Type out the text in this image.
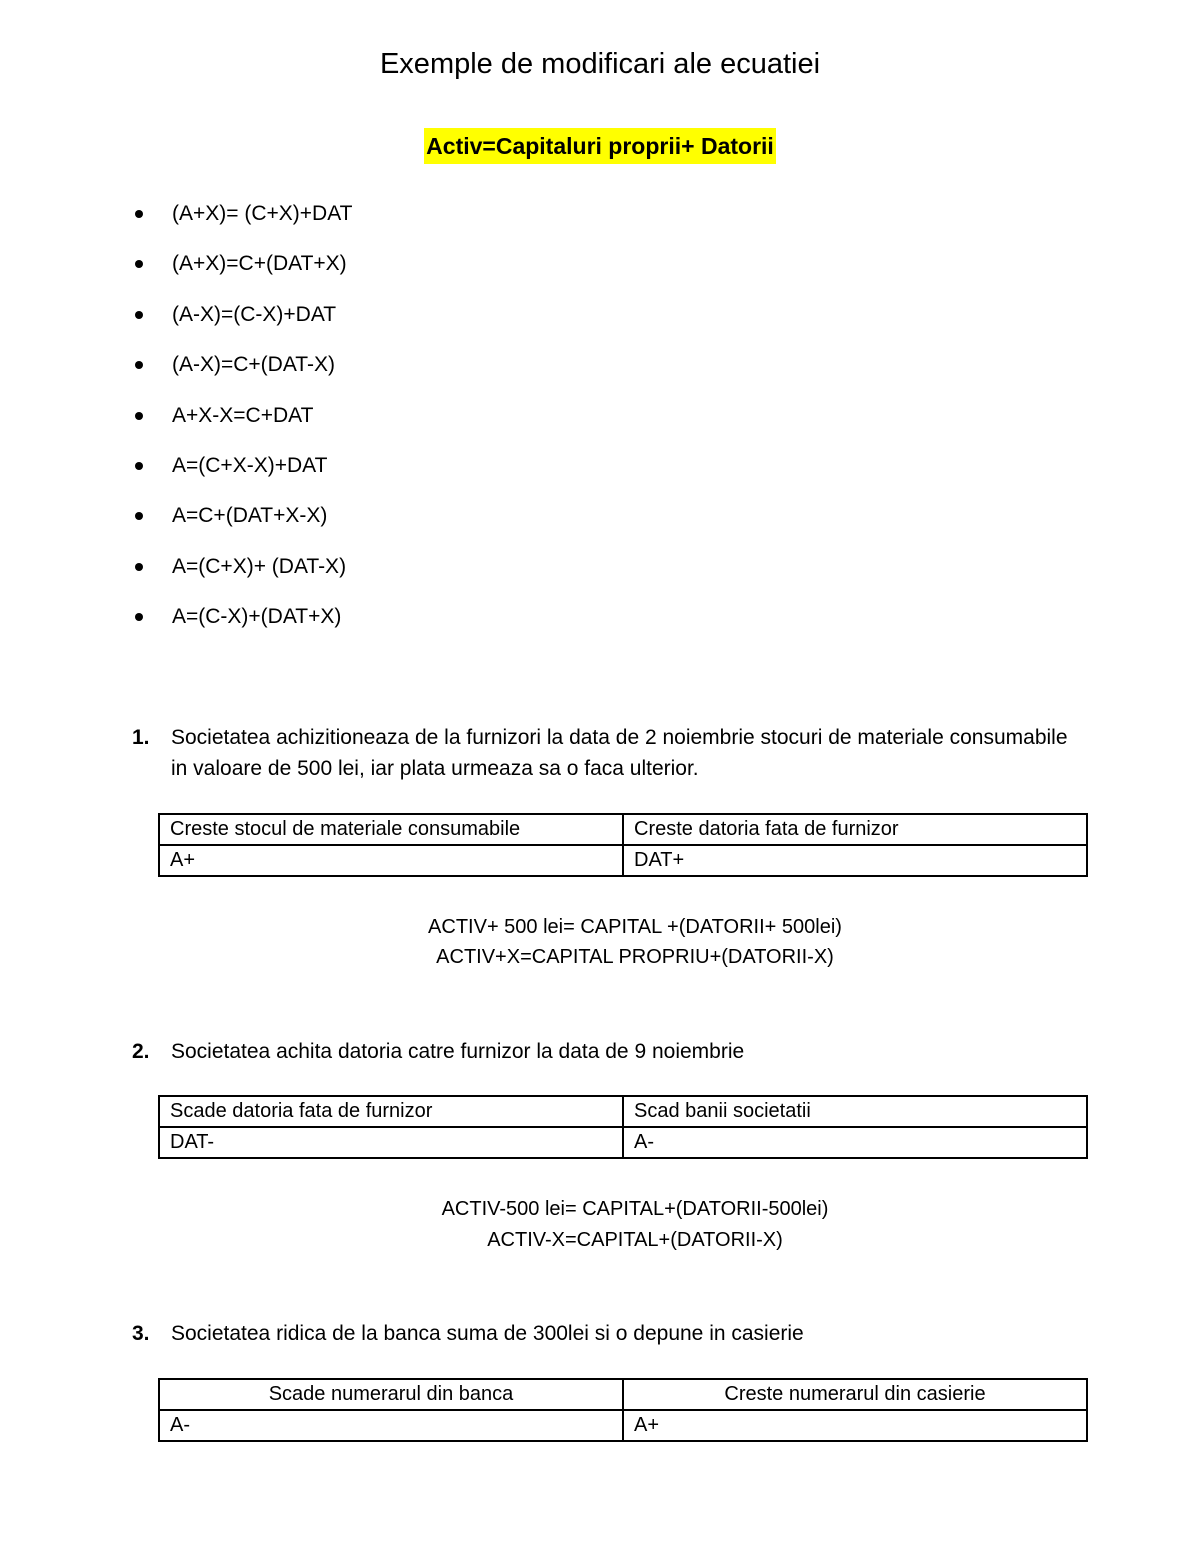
Exemple de modificari ale ecuatiei
Activ=Capitaluri proprii+ Datorii
(A+X)= (C+X)+DAT
(A+X)=C+(DAT+X)
(A-X)=(C-X)+DAT
(A-X)=C+(DAT-X)
A+X-X=C+DAT
A=(C+X-X)+DAT
A=C+(DAT+X-X)
A=(C+X)+ (DAT-X)
A=(C-X)+(DAT+X)
1. Societatea achizitioneaza de la furnizori la data de 2 noiembrie stocuri de materiale consumabile in valoare de 500 lei, iar plata urmeaza sa o faca ulterior.
Creste stocul de materiale consumabile	Creste datoria fata de furnizor
A+	DAT+
ACTIV+ 500 lei= CAPITAL +(DATORII+ 500lei)
ACTIV+X=CAPITAL PROPRIU+(DATORII-X)
2. Societatea achita datoria catre furnizor la data de 9 noiembrie
Scade datoria fata de furnizor	Scad banii societatii
DAT-	A-
ACTIV-500 lei= CAPITAL+(DATORII-500lei)
ACTIV-X=CAPITAL+(DATORII-X)
3. Societatea ridica de la banca suma de 300lei si o depune in casierie
Scade numerarul din banca	Creste numerarul din casierie
A-	A+
